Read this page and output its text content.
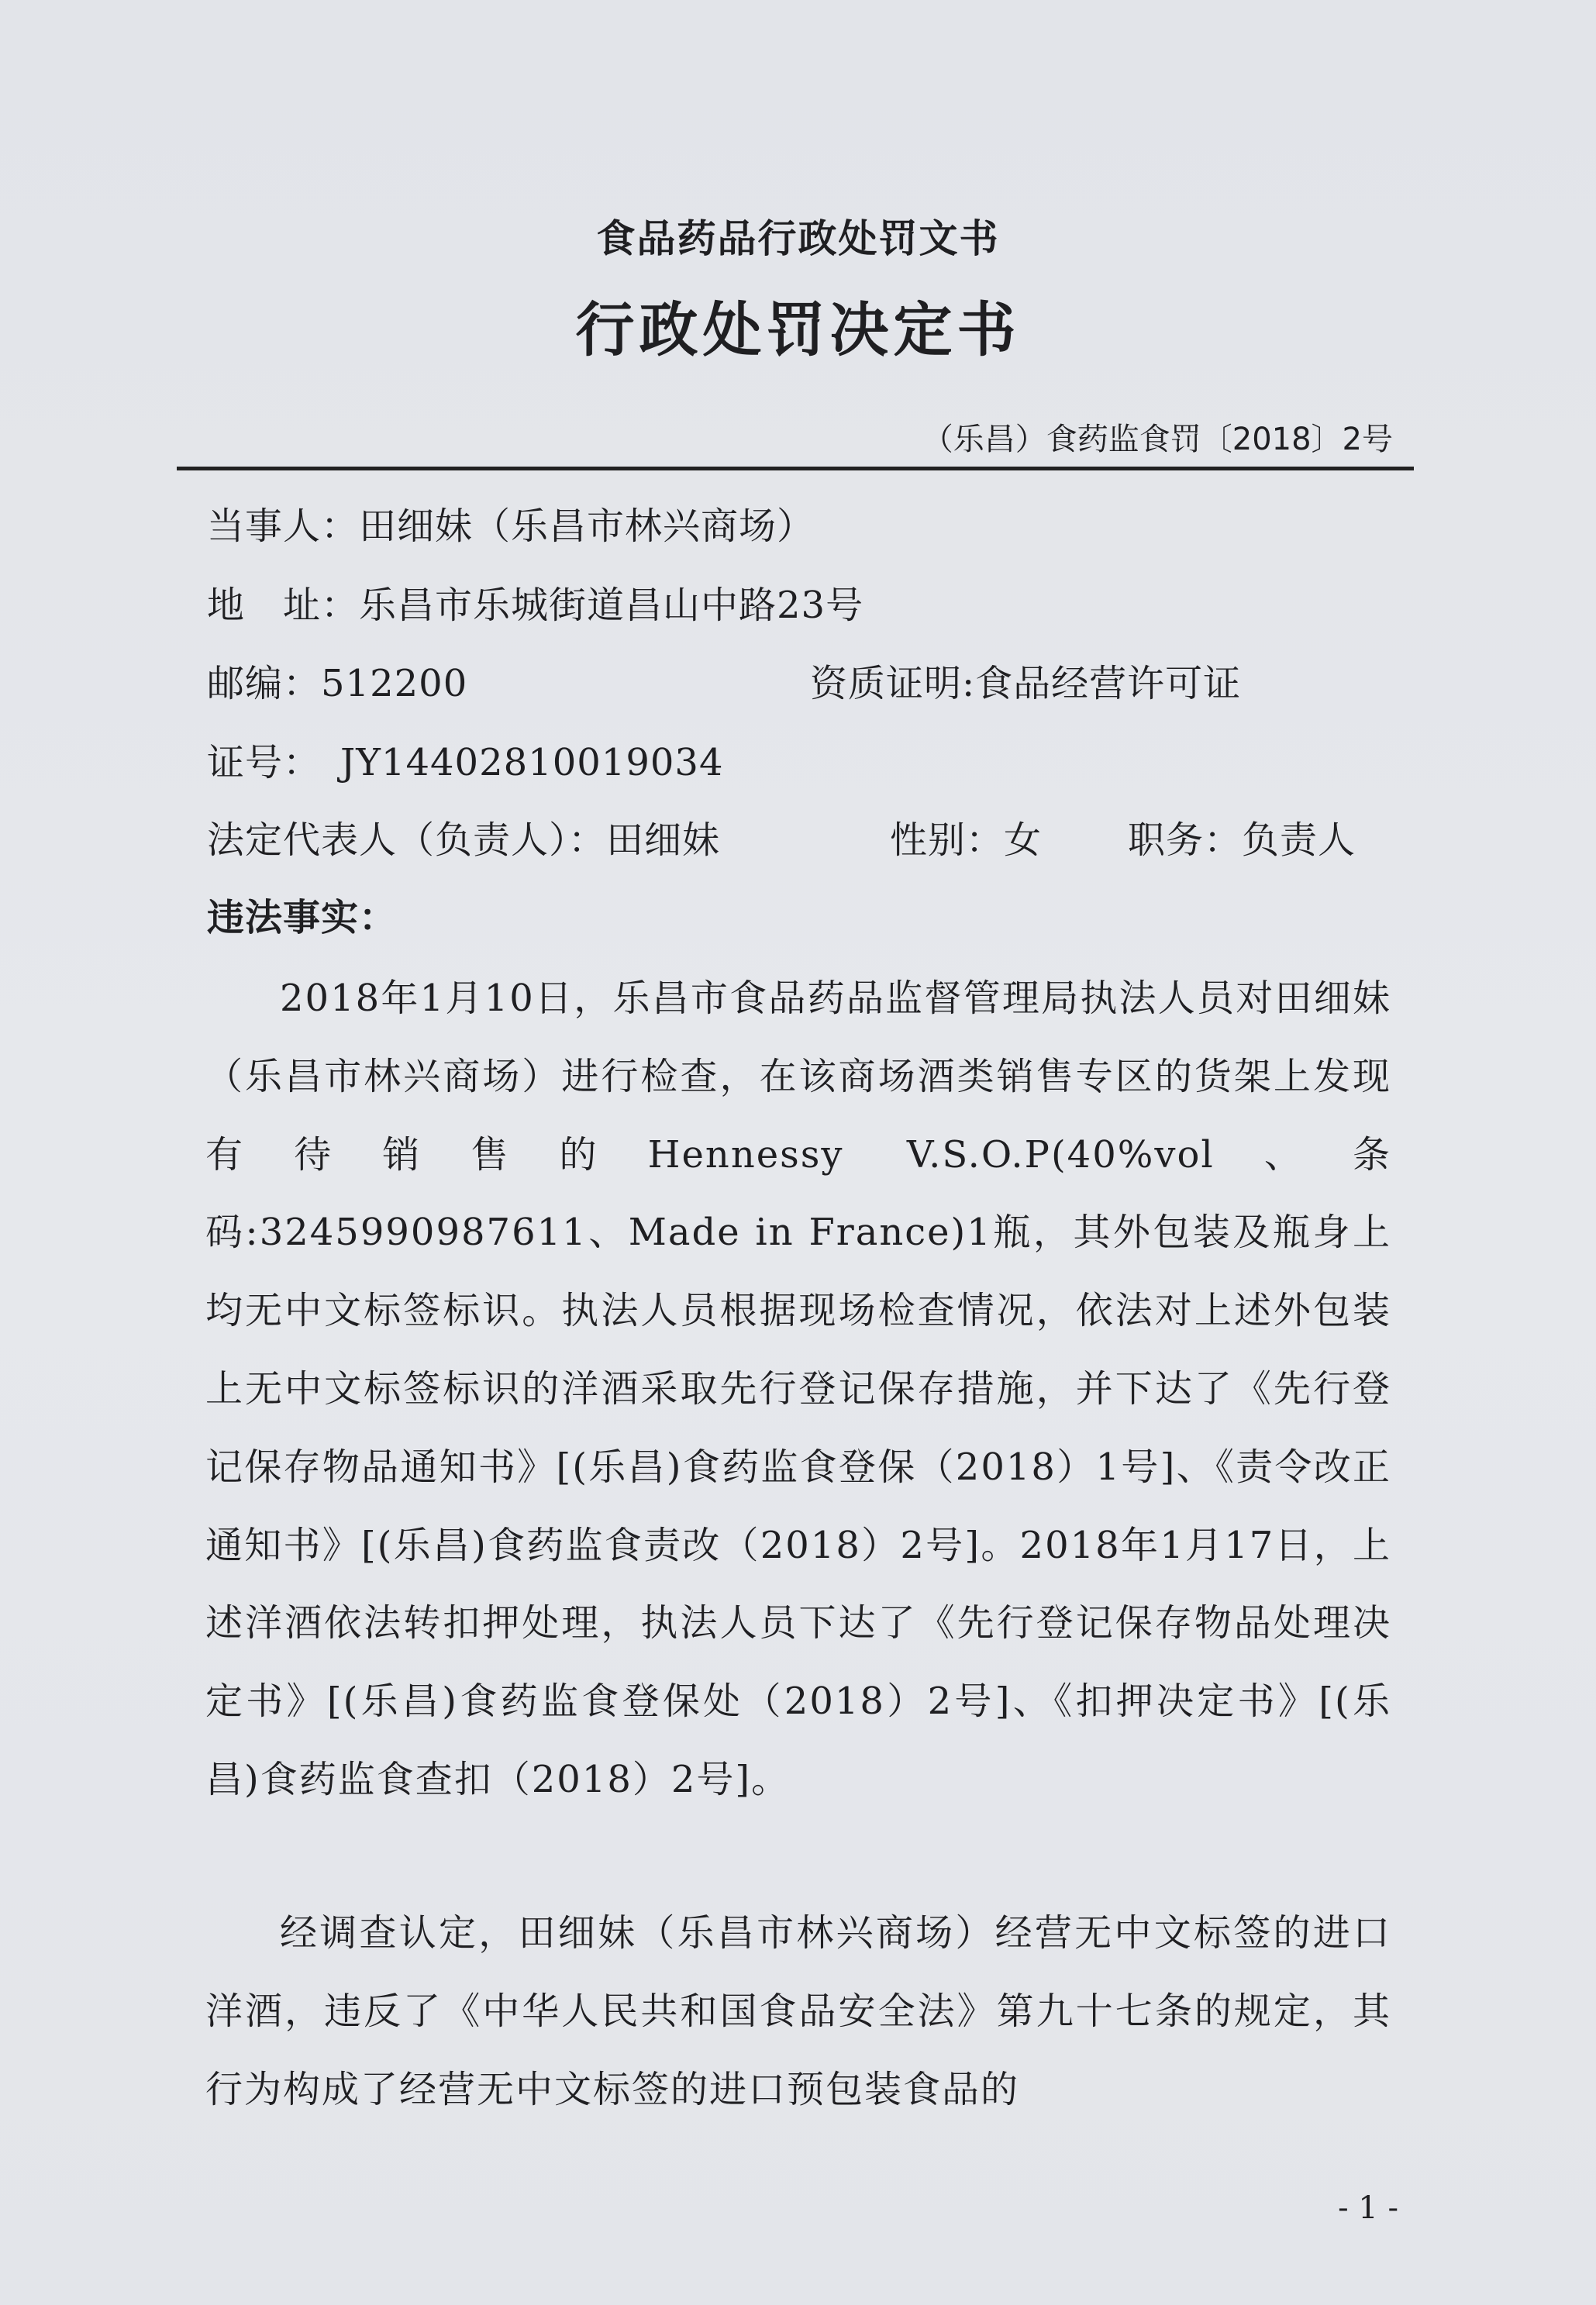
食品药品行政处罚文书
行政处罚决定书
（乐昌）食药监食罚〔2018〕2号
当事人：田细妹（乐昌市林兴商场）
地　址：乐昌市乐城街道昌山中路23号
邮编：512200	资质证明:食品经营许可证
证号：　JY14402810019034
法定代表人（负责人）：田细妹	性别：女 职务：负责人
违法事实：
2018年1月10日，乐昌市食品药品监督管理局执法人员对田细妹（乐昌市林兴商场）进行检查，在该商场酒类销售专区的货架上发现有待销售的Hennessy V.S.O.P(40%vol、条码:3245990987611、Made in France)1瓶，其外包装及瓶身上均无中文标签标识。执法人员根据现场检查情况，依法对上述外包装上无中文标签标识的洋酒采取先行登记保存措施，并下达了《先行登记保存物品通知书》[(乐昌)食药监食登保（2018）1号]、《责令改正通知书》[(乐昌)食药监食责改（2018）2号]。2018年1月17日，上述洋酒依法转扣押处理，执法人员下达了《先行登记保存物品处理决定书》[(乐昌)食药监食登保处（2018）2号]、《扣押决定书》[(乐昌)食药监食查扣（2018）2号]。
经调查认定，田细妹（乐昌市林兴商场）经营无中文标签的进口洋酒，违反了《中华人民共和国食品安全法》第九十七条的规定，其行为构成了经营无中文标签的进口预包装食品的
- 1 -
